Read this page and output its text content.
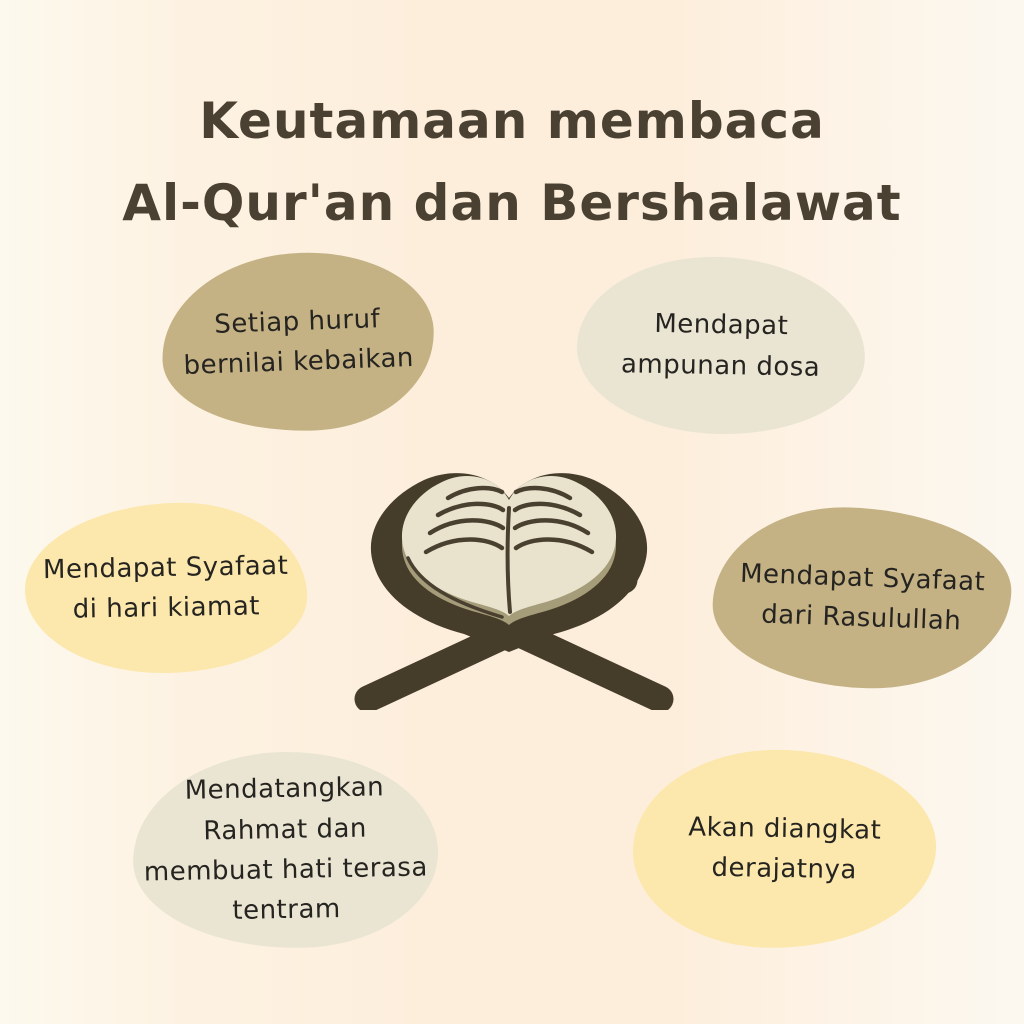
Keutamaan membaca
Al-Qur'an dan Bershalawat
Setiap huruf
bernilai kebaikan
Mendapat
ampunan dosa
Mendapat Syafaat
di hari kiamat
Mendapat Syafaat
dari Rasulullah
Mendatangkan
Rahmat dan
membuat hati terasa
tentram
Akan diangkat
derajatnya
